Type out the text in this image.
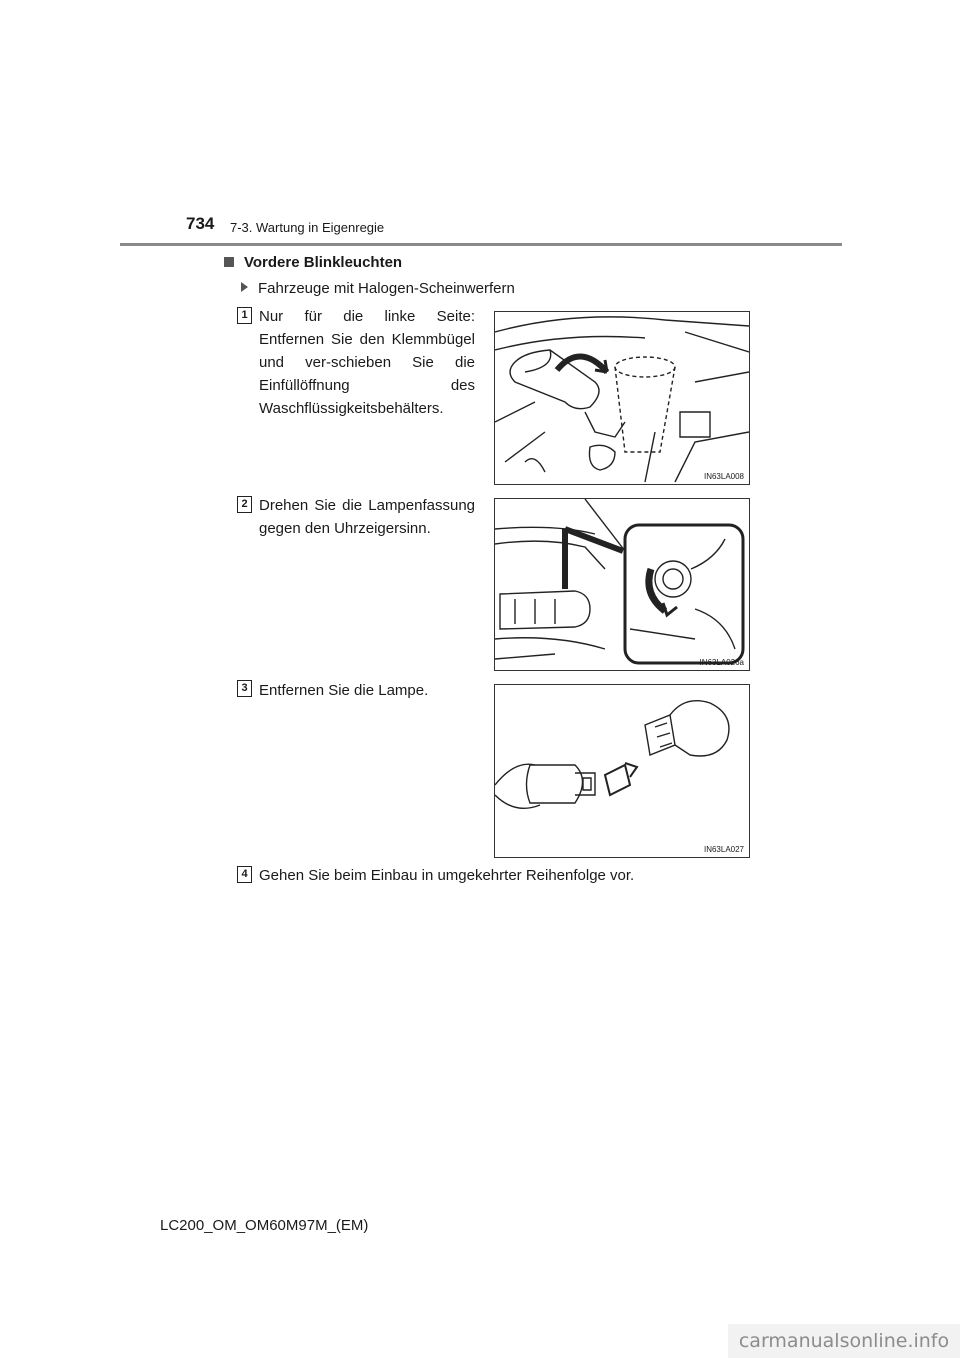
734 7-3. Wartung in Eigenregie
Vordere Blinkleuchten
Fahrzeuge mit Halogen-Scheinwerfern
1 Nur für die linke Seite: Entfernen Sie den Klemmbügel und ver-schieben Sie die Einfüllöffnung des Waschflüssigkeitsbehälters.
IN63LA008
2 Drehen Sie die Lampenfassung gegen den Uhrzeigersinn.
IN63LA026a
3 Entfernen Sie die Lampe.
IN63LA027
4 Gehen Sie beim Einbau in umgekehrter Reihenfolge vor.
LC200_OM_OM60M97M_(EM)
carmanualsonline.info
